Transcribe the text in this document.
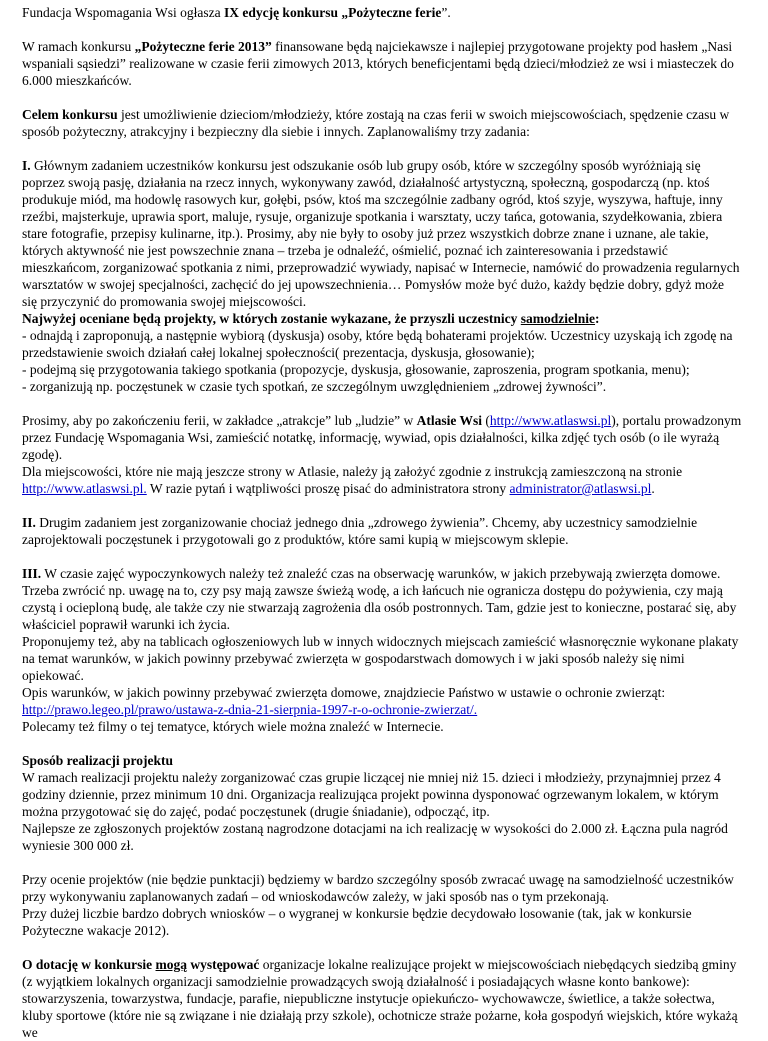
Fundacja Wspomagania Wsi ogłasza IX edycję konkursu „Pożyteczne ferie”.

W ramach konkursu „Pożyteczne ferie 2013” finansowane będą najciekawsze i najlepiej przygotowane projekty pod hasłem „Nasi wspaniali sąsiedzi” realizowane w czasie ferii zimowych 2013, których beneficjentami będą dzieci/młodzież ze wsi i miasteczek do 6.000 mieszkańców.

Celem konkursu jest umożliwienie dzieciom/młodzieży, które zostają na czas ferii w swoich miejscowościach, spędzenie czasu w sposób pożyteczny, atrakcyjny i bezpieczny dla siebie i innych. Zaplanowaliśmy trzy zadania:

I. Głównym zadaniem uczestników konkursu jest odszukanie osób lub grupy osób, które w szczególny sposób wyróżniają się poprzez swoją pasję, działania na rzecz innych, wykonywany zawód, działalność artystyczną, społeczną, gospodarczą (np. ktoś produkuje miód, ma hodowlę rasowych kur, gołębi, psów, ktoś ma szczególnie zadbany ogród, ktoś szyje, wyszywa, haftuje, inny rzeźbi, majsterkuje, uprawia sport, maluje, rysuje, organizuje spotkania i warsztaty, uczy tańca, gotowania, szydełkowania, zbiera stare fotografie, przepisy kulinarne, itp.). Prosimy, aby nie były to osoby już przez wszystkich dobrze znane i uznane, ale takie, których aktywność nie jest powszechnie znana – trzeba je odnaleźć, ośmielić, poznać ich zainteresowania i przedstawić mieszkańcom, zorganizować spotkania z nimi, przeprowadzić wywiady, napisać w Internecie, namówić do prowadzenia regularnych warsztatów w swojej specjalności, zachęcić do jej upowszechnienia… Pomysłów może być dużo, każdy będzie dobry, gdyż może się przyczynić do promowania swojej miejscowości.
Najwyżej oceniane będą projekty, w których zostanie wykazane, że przyszli uczestnicy samodzielnie:
- odnajdą i zaproponują, a następnie wybiorą (dyskusja) osoby, które będą bohaterami projektów. Uczestnicy uzyskają ich zgodę na przedstawienie swoich działań całej lokalnej społeczności( prezentacja, dyskusja, głosowanie);
- podejmą się przygotowania takiego spotkania (propozycje, dyskusja, głosowanie, zaproszenia, program spotkania, menu);
- zorganizują np. poczęstunek w czasie tych spotkań, ze szczególnym uwzględnieniem „zdrowej żywności”.

Prosimy, aby po zakończeniu ferii, w zakładce „atrakcje” lub „ludzie” w Atlasie Wsi (http://www.atlaswsi.pl), portalu prowadzonym przez Fundację Wspomagania Wsi, zamieścić notatkę, informację, wywiad, opis działalności, kilka zdjęć tych osób (o ile wyrażą zgodę).
Dla miejscowości, które nie mają jeszcze strony w Atlasie, należy ją założyć zgodnie z instrukcją zamieszczoną na stronie http://www.atlaswsi.pl. W razie pytań i wątpliwości proszę pisać do administratora strony administrator@atlaswsi.pl.

II. Drugim zadaniem jest zorganizowanie chociaż jednego dnia „zdrowego żywienia”. Chcemy, aby uczestnicy samodzielnie zaprojektowali poczęstunek i przygotowali go z produktów, które sami kupią w miejscowym sklepie.

III. W czasie zajęć wypoczynkowych należy też znaleźć czas na obserwację warunków, w jakich przebywają zwierzęta domowe. Trzeba zwrócić np. uwagę na to, czy psy mają zawsze świeżą wodę, a ich łańcuch nie ogranicza dostępu do pożywienia, czy mają czystą i ocieploną budę, ale także czy nie stwarzają zagrożenia dla osób postronnych. Tam, gdzie jest to konieczne, postarać się, aby właściciel poprawił warunki ich życia.
Proponujemy też, aby na tablicach ogłoszeniowych lub w innych widocznych miejscach zamieścić własnoręcznie wykonane plakaty na temat warunków, w jakich powinny przebywać zwierzęta w gospodarstwach domowych i w jaki sposób należy się nimi opiekować.
Opis warunków, w jakich powinny przebywać zwierzęta domowe, znajdziecie Państwo w ustawie o ochronie zwierząt:
http://prawo.legeo.pl/prawo/ustawa-z-dnia-21-sierpnia-1997-r-o-ochronie-zwierzat/.
Polecamy też filmy o tej tematyce, których wiele można znaleźć w Internecie.

Sposób realizacji projektu
W ramach realizacji projektu należy zorganizować czas grupie liczącej nie mniej niż 15. dzieci i młodzieży, przynajmniej przez 4 godziny dziennie, przez minimum 10 dni. Organizacja realizująca projekt powinna dysponować ogrzewanym lokalem, w którym można przygotować się do zajęć, podać poczęstunek (drugie śniadanie), odpocząć, itp.
Najlepsze ze zgłoszonych projektów zostaną nagrodzone dotacjami na ich realizację w wysokości do 2.000 zł. Łączna pula nagród wyniesie 300 000 zł.

Przy ocenie projektów (nie będzie punktacji) będziemy w bardzo szczególny sposób zwracać uwagę na samodzielność uczestników przy wykonywaniu zaplanowanych zadań – od wnioskodawców zależy, w jaki sposób nas o tym przekonają.
Przy dużej liczbie bardzo dobrych wniosków – o wygranej w konkursie będzie decydowało losowanie (tak, jak w konkursie Pożyteczne wakacje 2012).

O dotację w konkursie mogą występować organizacje lokalne realizujące projekt w miejscowościach niebędących siedzibą gminy (z wyjątkiem lokalnych organizacji samodzielnie prowadzących swoją działalność i posiadających własne konto bankowe): stowarzyszenia, towarzystwa, fundacje, parafie, niepubliczne instytucje opiekuńczo- wychowawcze, świetlice, a także sołectwa, kluby sportowe (które nie są związane i nie działają przy szkole), ochotnicze straże pożarne, koła gospodyń wiejskich, które wykażą we
